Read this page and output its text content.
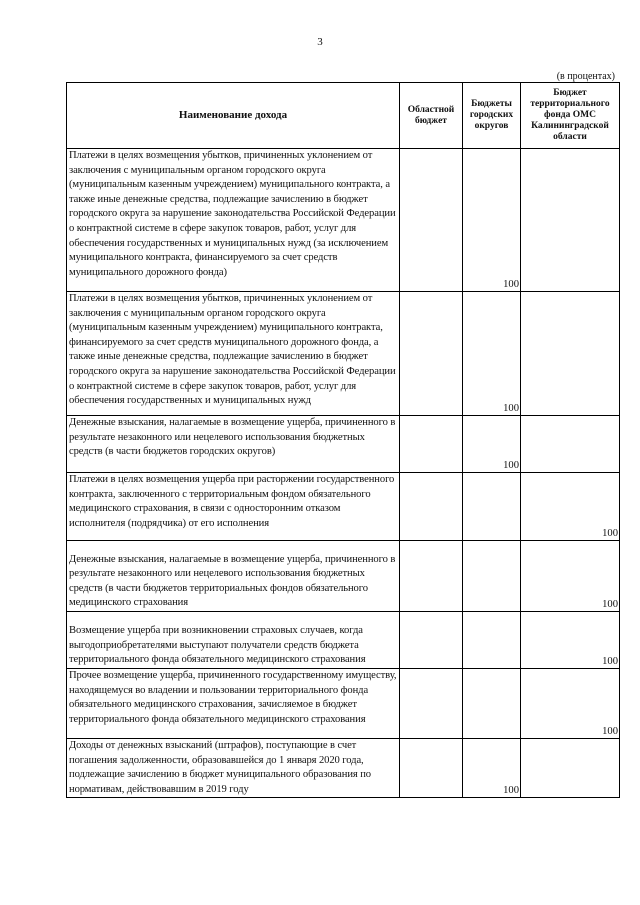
3
(в процентах)
Наименование дохода	Областной бюджет	Бюджеты городских округов	Бюджет территориального фонда ОМС Калининградской области
Платежи в целях возмещения убытков, причиненных уклонением от заключения с муниципальным органом городского округа (муниципальным казенным учреждением) муниципального контракта, а также иные денежные средства, подлежащие зачислению в бюджет городского округа за нарушение законодательства Российской Федерации о контрактной системе в сфере закупок товаров, работ, услуг для обеспечения государственных и муниципальных нужд (за исключением муниципального контракта, финансируемого за счет средств муниципального дорожного фонда)		100	
Платежи в целях возмещения убытков, причиненных уклонением от заключения с муниципальным органом городского округа (муниципальным казенным учреждением) муниципального контракта, финансируемого за счет средств муниципального дорожного фонда, а также иные денежные средства, подлежащие зачислению в бюджет городского округа за нарушение законодательства Российской Федерации о контрактной системе в сфере закупок товаров, работ, услуг для обеспечения государственных и муниципальных нужд		100	
Денежные взыскания, налагаемые в возмещение ущерба, причиненного в результате незаконного или нецелевого использования бюджетных средств (в части бюджетов городских округов)		100	
Платежи в целях возмещения ущерба при расторжении государственного контракта, заключенного с территориальным фондом обязательного медицинского страхования, в связи с односторонним отказом исполнителя (подрядчика) от его исполнения			100
Денежные взыскания, налагаемые в возмещение ущерба, причиненного в результате незаконного или нецелевого использования бюджетных средств (в части бюджетов территориальных фондов обязательного медицинского страхования			100
Возмещение ущерба при возникновении страховых случаев, когда выгодоприобретателями выступают получатели средств бюджета территориального фонда обязательного медицинского страхования			100
Прочее возмещение ущерба, причиненного государственному имуществу, находящемуся во владении и пользовании территориального фонда обязательного медицинского страхования, зачисляемое в бюджет территориального фонда обязательного медицинского страхования			100
Доходы от денежных взысканий (штрафов), поступающие в счет погашения задолженности, образовавшейся до 1 января 2020 года, подлежащие зачислению в бюджет муниципального образования по нормативам, действовавшим в 2019 году		100	
